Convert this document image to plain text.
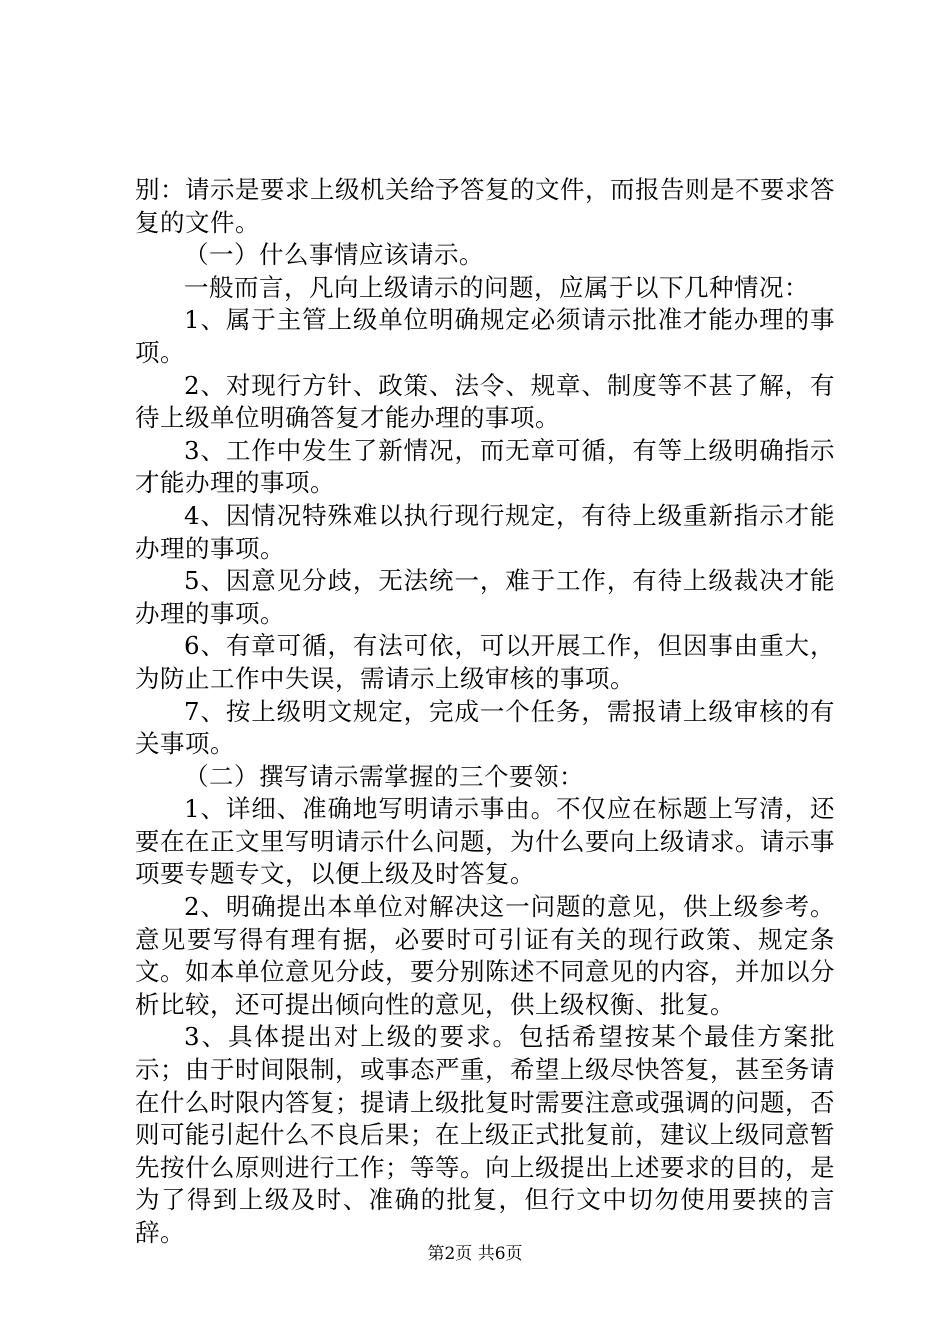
别：请示是要求上级机关给予答复的文件，而报告则是不要求答复的文件。

（一）什么事情应该请示。

一般而言，凡向上级请示的问题，应属于以下几种情况：

1、属于主管上级单位明确规定必须请示批准才能办理的事项。

2、对现行方针、政策、法令、规章、制度等不甚了解，有待上级单位明确答复才能办理的事项。

3、工作中发生了新情况，而无章可循，有等上级明确指示才能办理的事项。

4、因情况特殊难以执行现行规定，有待上级重新指示才能办理的事项。

5、因意见分歧，无法统一，难于工作，有待上级裁决才能办理的事项。

6、有章可循，有法可依，可以开展工作，但因事由重大，为防止工作中失误，需请示上级审核的事项。

7、按上级明文规定，完成一个任务，需报请上级审核的有关事项。

（二）撰写请示需掌握的三个要领：

1、详细、准确地写明请示事由。不仅应在标题上写清，还要在在正文里写明请示什么问题，为什么要向上级请求。请示事项要专题专文，以便上级及时答复。

2、明确提出本单位对解决这一问题的意见，供上级参考。意见要写得有理有据，必要时可引证有关的现行政策、规定条文。如本单位意见分歧，要分别陈述不同意见的内容，并加以分析比较，还可提出倾向性的意见，供上级权衡、批复。

3、具体提出对上级的要求。包括希望按某个最佳方案批示；由于时间限制，或事态严重，希望上级尽快答复，甚至务请在什么时限内答复；提请上级批复时需要注意或强调的问题，否则可能引起什么不良后果；在上级正式批复前，建议上级同意暂先按什么原则进行工作；等等。向上级提出上述要求的目的，是为了得到上级及时、准确的批复，但行文中切勿使用要挟的言辞。

第2页 共6页
